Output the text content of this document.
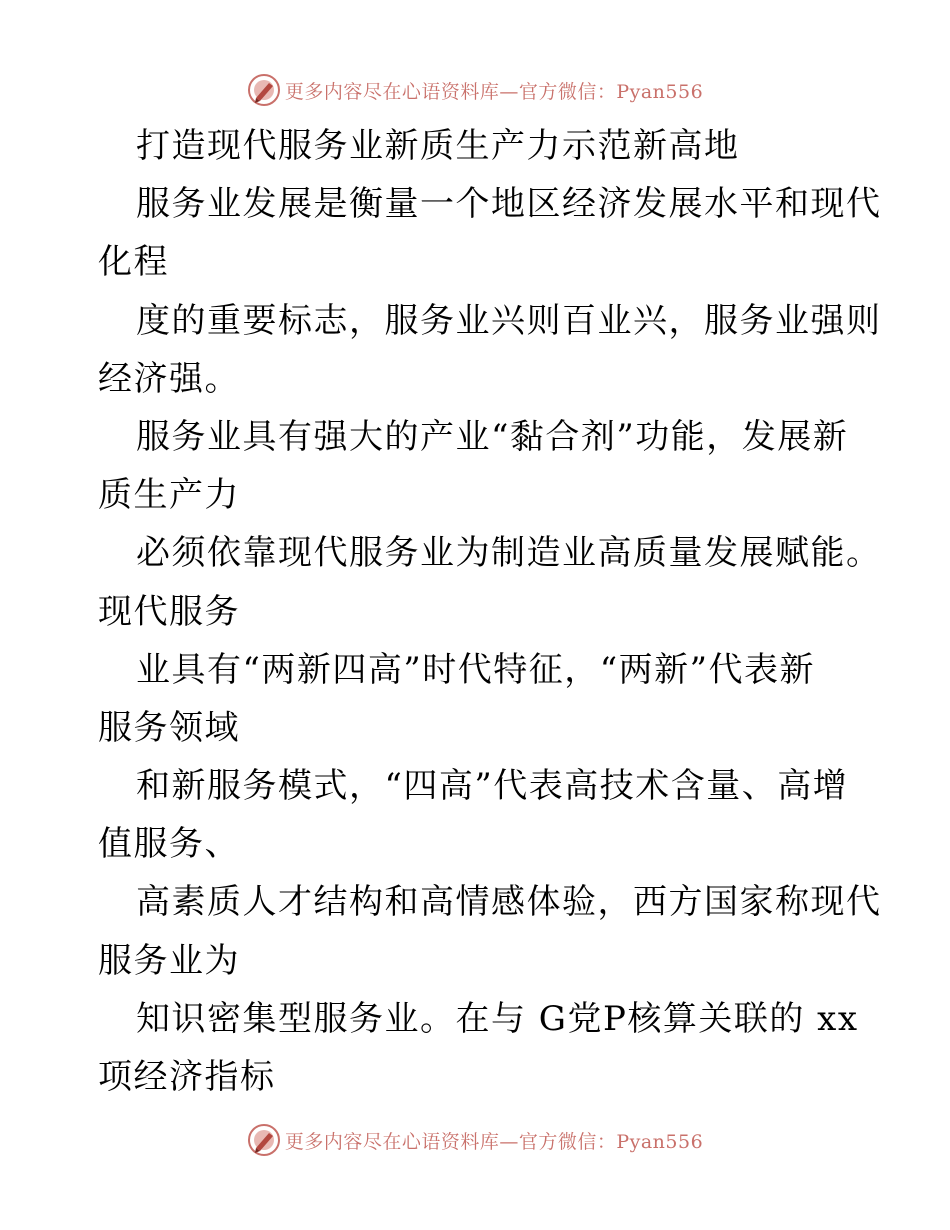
更多内容尽在心语资料库—官方微信：Pyan556
打造现代服务业新质生产力示范新高地
服务业发展是衡量一个地区经济发展水平和现代
化程
度的重要标志，服务业兴则百业兴，服务业强则
经济强。
服务业具有强大的产业“黏合剂”功能，发展新
质生产力
必须依靠现代服务业为制造业高质量发展赋能。
现代服务
业具有“两新四高”时代特征，“两新”代表新
服务领域
和新服务模式，“四高”代表高技术含量、高增
值服务、
高素质人才结构和高情感体验，西方国家称现代
服务业为
知识密集型服务业。在与 G党P核算关联的 xx
项经济指标
更多内容尽在心语资料库—官方微信：Pyan556
